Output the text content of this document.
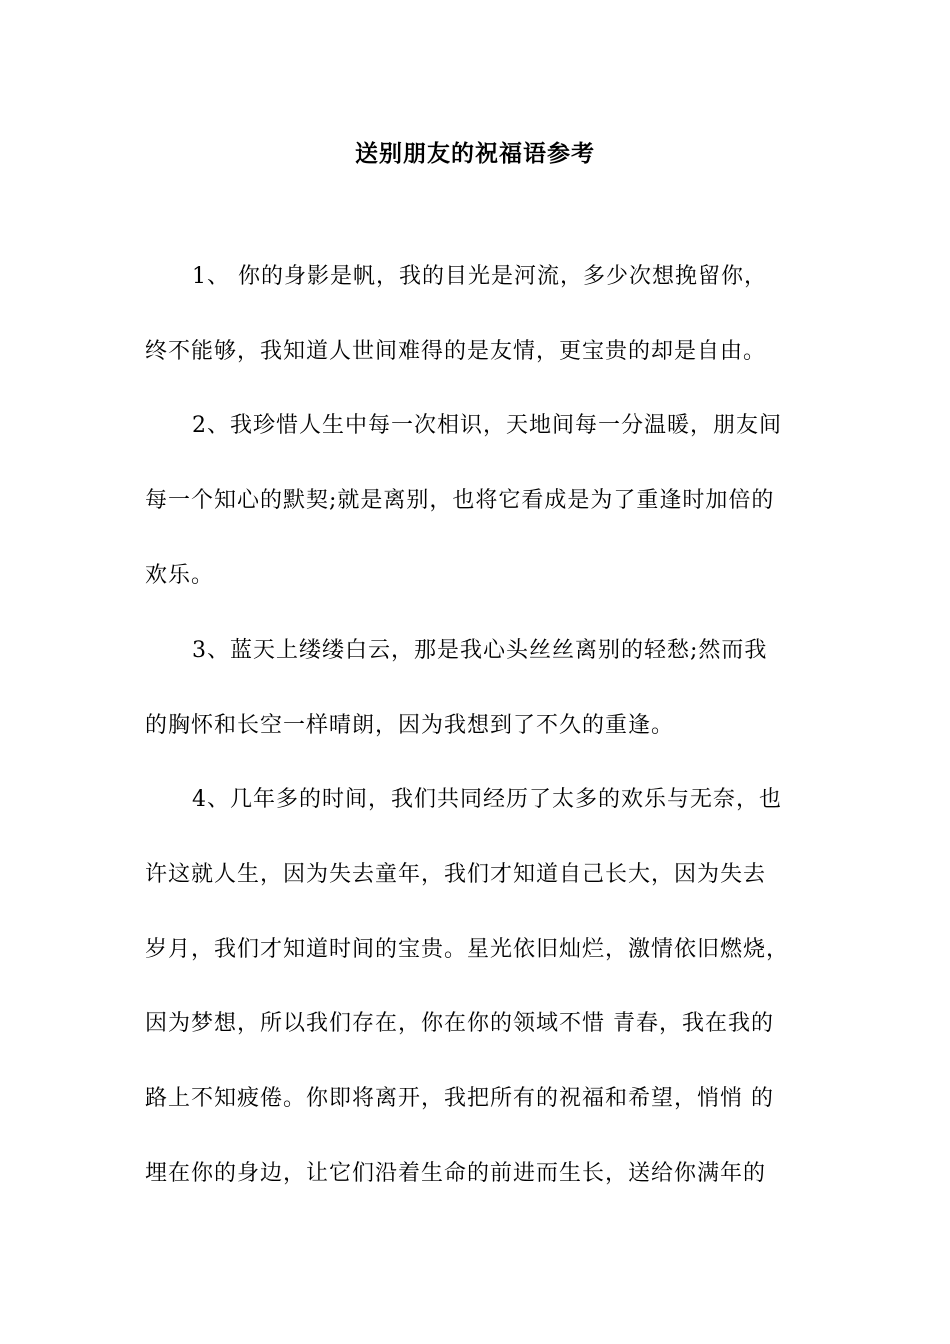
送别朋友的祝福语参考
1、 你的身影是帆，我的目光是河流，多少次想挽留你，
终不能够，我知道人世间难得的是友情，更宝贵的却是自由。
2、我珍惜人生中每一次相识，天地间每一分温暖，朋友间
每一个知心的默契;就是离别，也将它看成是为了重逢时加倍的
欢乐。
3、蓝天上缕缕白云，那是我心头丝丝离别的轻愁;然而我
的胸怀和长空一样晴朗，因为我想到了不久的重逢。
4、几年多的时间，我们共同经历了太多的欢乐与无奈，也
许这就人生，因为失去童年，我们才知道自己长大，因为失去
岁月，我们才知道时间的宝贵。星光依旧灿烂，激情依旧燃烧，
因为梦想，所以我们存在，你在你的领域不惜 青春，我在我的
路上不知疲倦。你即将离开，我把所有的祝福和希望，悄悄 的
埋在你的身边，让它们沿着生命的前进而生长，送给你满年的
